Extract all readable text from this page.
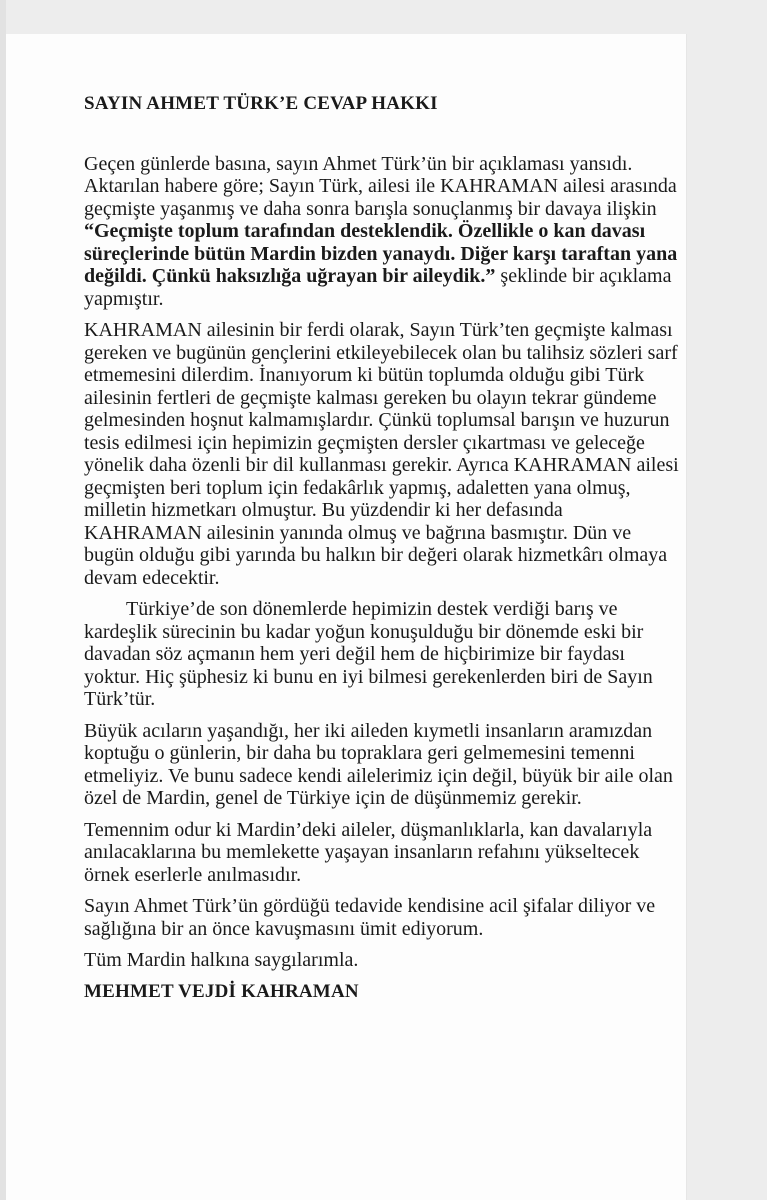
SAYIN AHMET TÜRK’E CEVAP HAKKI

Geçen günlerde basına, sayın Ahmet Türk’ün bir açıklaması yansıdı. Aktarılan habere göre; Sayın Türk, ailesi ile KAHRAMAN ailesi arasında geçmişte yaşanmış ve daha sonra barışla sonuçlanmış bir davaya ilişkin “Geçmişte toplum tarafından desteklendik. Özellikle o kan davası süreçlerinde bütün Mardin bizden yanaydı. Diğer karşı taraftan yana değildi. Çünkü haksızlığa uğrayan bir aileydik.” şeklinde bir açıklama yapmıştır.

KAHRAMAN ailesinin bir ferdi olarak, Sayın Türk’ten geçmişte kalması gereken ve bugünün gençlerini etkileyebilecek olan bu talihsiz sözleri sarf etmemesini dilerdim. İnanıyorum ki bütün toplumda olduğu gibi Türk ailesinin fertleri de geçmişte kalması gereken bu olayın tekrar gündeme gelmesinden hoşnut kalmamışlardır. Çünkü toplumsal barışın ve huzurun tesis edilmesi için hepimizin geçmişten dersler çıkartması ve geleceğe yönelik daha özenli bir dil kullanması gerekir. Ayrıca KAHRAMAN ailesi geçmişten beri toplum için fedakârlık yapmış, adaletten yana olmuş, milletin hizmetkarı olmuştur. Bu yüzdendir ki her defasında KAHRAMAN ailesinin yanında olmuş ve bağrına basmıştır. Dün ve bugün olduğu gibi yarında bu halkın bir değeri olarak hizmetkârı olmaya devam edecektir.

Türkiye’de son dönemlerde hepimizin destek verdiği barış ve kardeşlik sürecinin bu kadar yoğun konuşulduğu bir dönemde eski bir davadan söz açmanın hem yeri değil hem de hiçbirimize bir faydası yoktur. Hiç şüphesiz ki bunu en iyi bilmesi gerekenlerden biri de Sayın Türk’tür.

Büyük acıların yaşandığı, her iki aileden kıymetli insanların aramızdan koptuğu o günlerin, bir daha bu topraklara geri gelmemesini temenni etmeliyiz. Ve bunu sadece kendi ailelerimiz için değil, büyük bir aile olan özel de Mardin, genel de Türkiye için de düşünmemiz gerekir.

Temennim odur ki Mardin’deki aileler, düşmanlıklarla, kan davalarıyla anılacaklarına bu memlekette yaşayan insanların refahını yükseltecek örnek eserlerle anılmasıdır.

Sayın Ahmet Türk’ün gördüğü tedavide kendisine acil şifalar diliyor ve sağlığına bir an önce kavuşmasını ümit ediyorum.

Tüm Mardin halkına saygılarımla.

MEHMET VEJDİ KAHRAMAN
